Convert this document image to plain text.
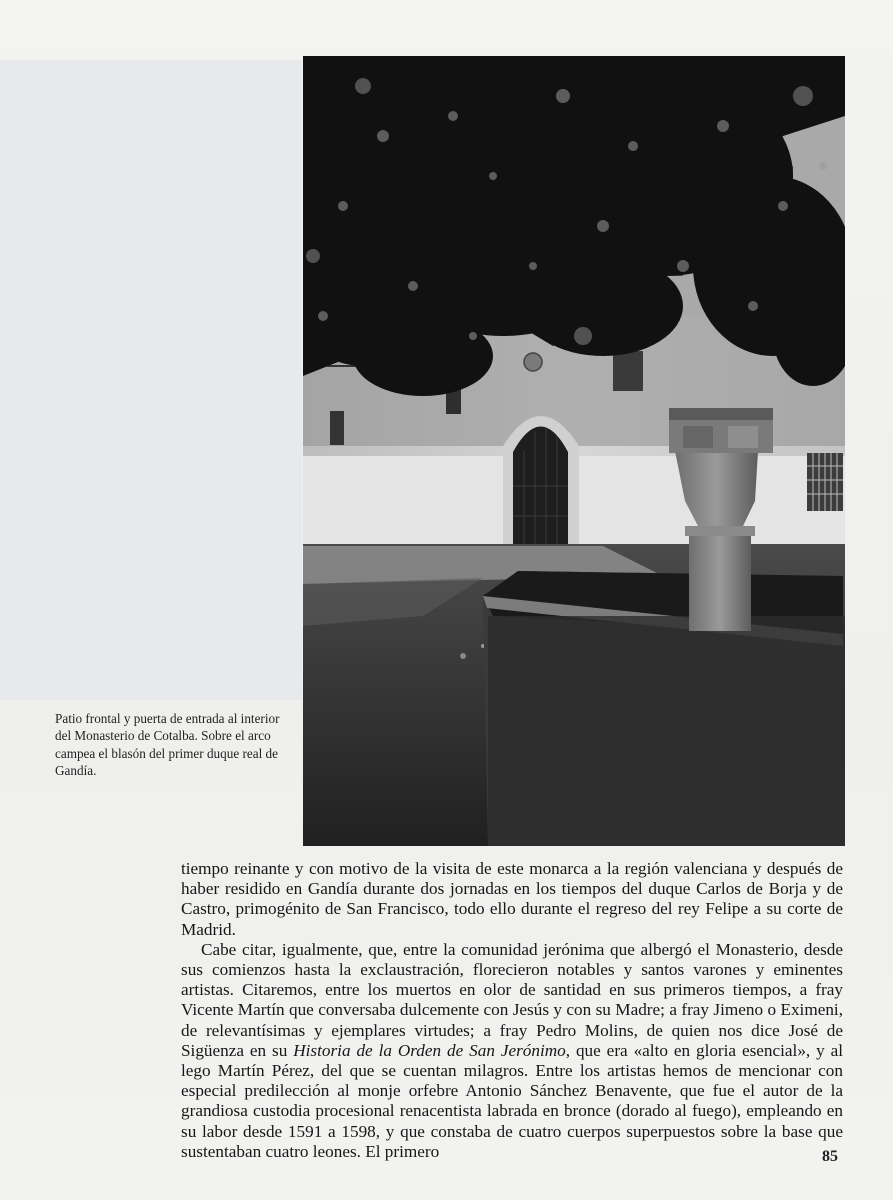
Patio frontal y puerta de entrada al interior del Monasterio de Cotalba. Sobre el arco campea el blasón del primer duque real de Gandía.

tiempo reinante y con motivo de la visita de este monarca a la región valenciana y después de haber residido en Gandía durante dos jornadas en los tiempos del duque Carlos de Borja y de Castro, primogénito de San Francisco, todo ello durante el regreso del rey Felipe a su corte de Madrid.

Cabe citar, igualmente, que, entre la comunidad jerónima que albergó el Monasterio, desde sus comienzos hasta la exclaustración, florecieron notables y santos varones y eminentes artistas. Citaremos, entre los muertos en olor de santidad en sus primeros tiempos, a fray Vicente Martín que conversaba dulcemente con Jesús y con su Madre; a fray Jimeno o Eximeni, de relevantísimas y ejemplares virtudes; a fray Pedro Molins, de quien nos dice José de Sigüenza en su Historia de la Orden de San Jerónimo, que era «alto en gloria esencial», y al lego Martín Pérez, del que se cuentan milagros. Entre los artistas hemos de mencionar con especial predilección al monje orfebre Antonio Sánchez Benavente, que fue el autor de la grandiosa custodia procesional renacentista labrada en bronce (dorado al fuego), empleando en su labor desde 1591 a 1598, y que constaba de cuatro cuerpos superpuestos sobre la base que sustentaban cuatro leones. El primero	85
